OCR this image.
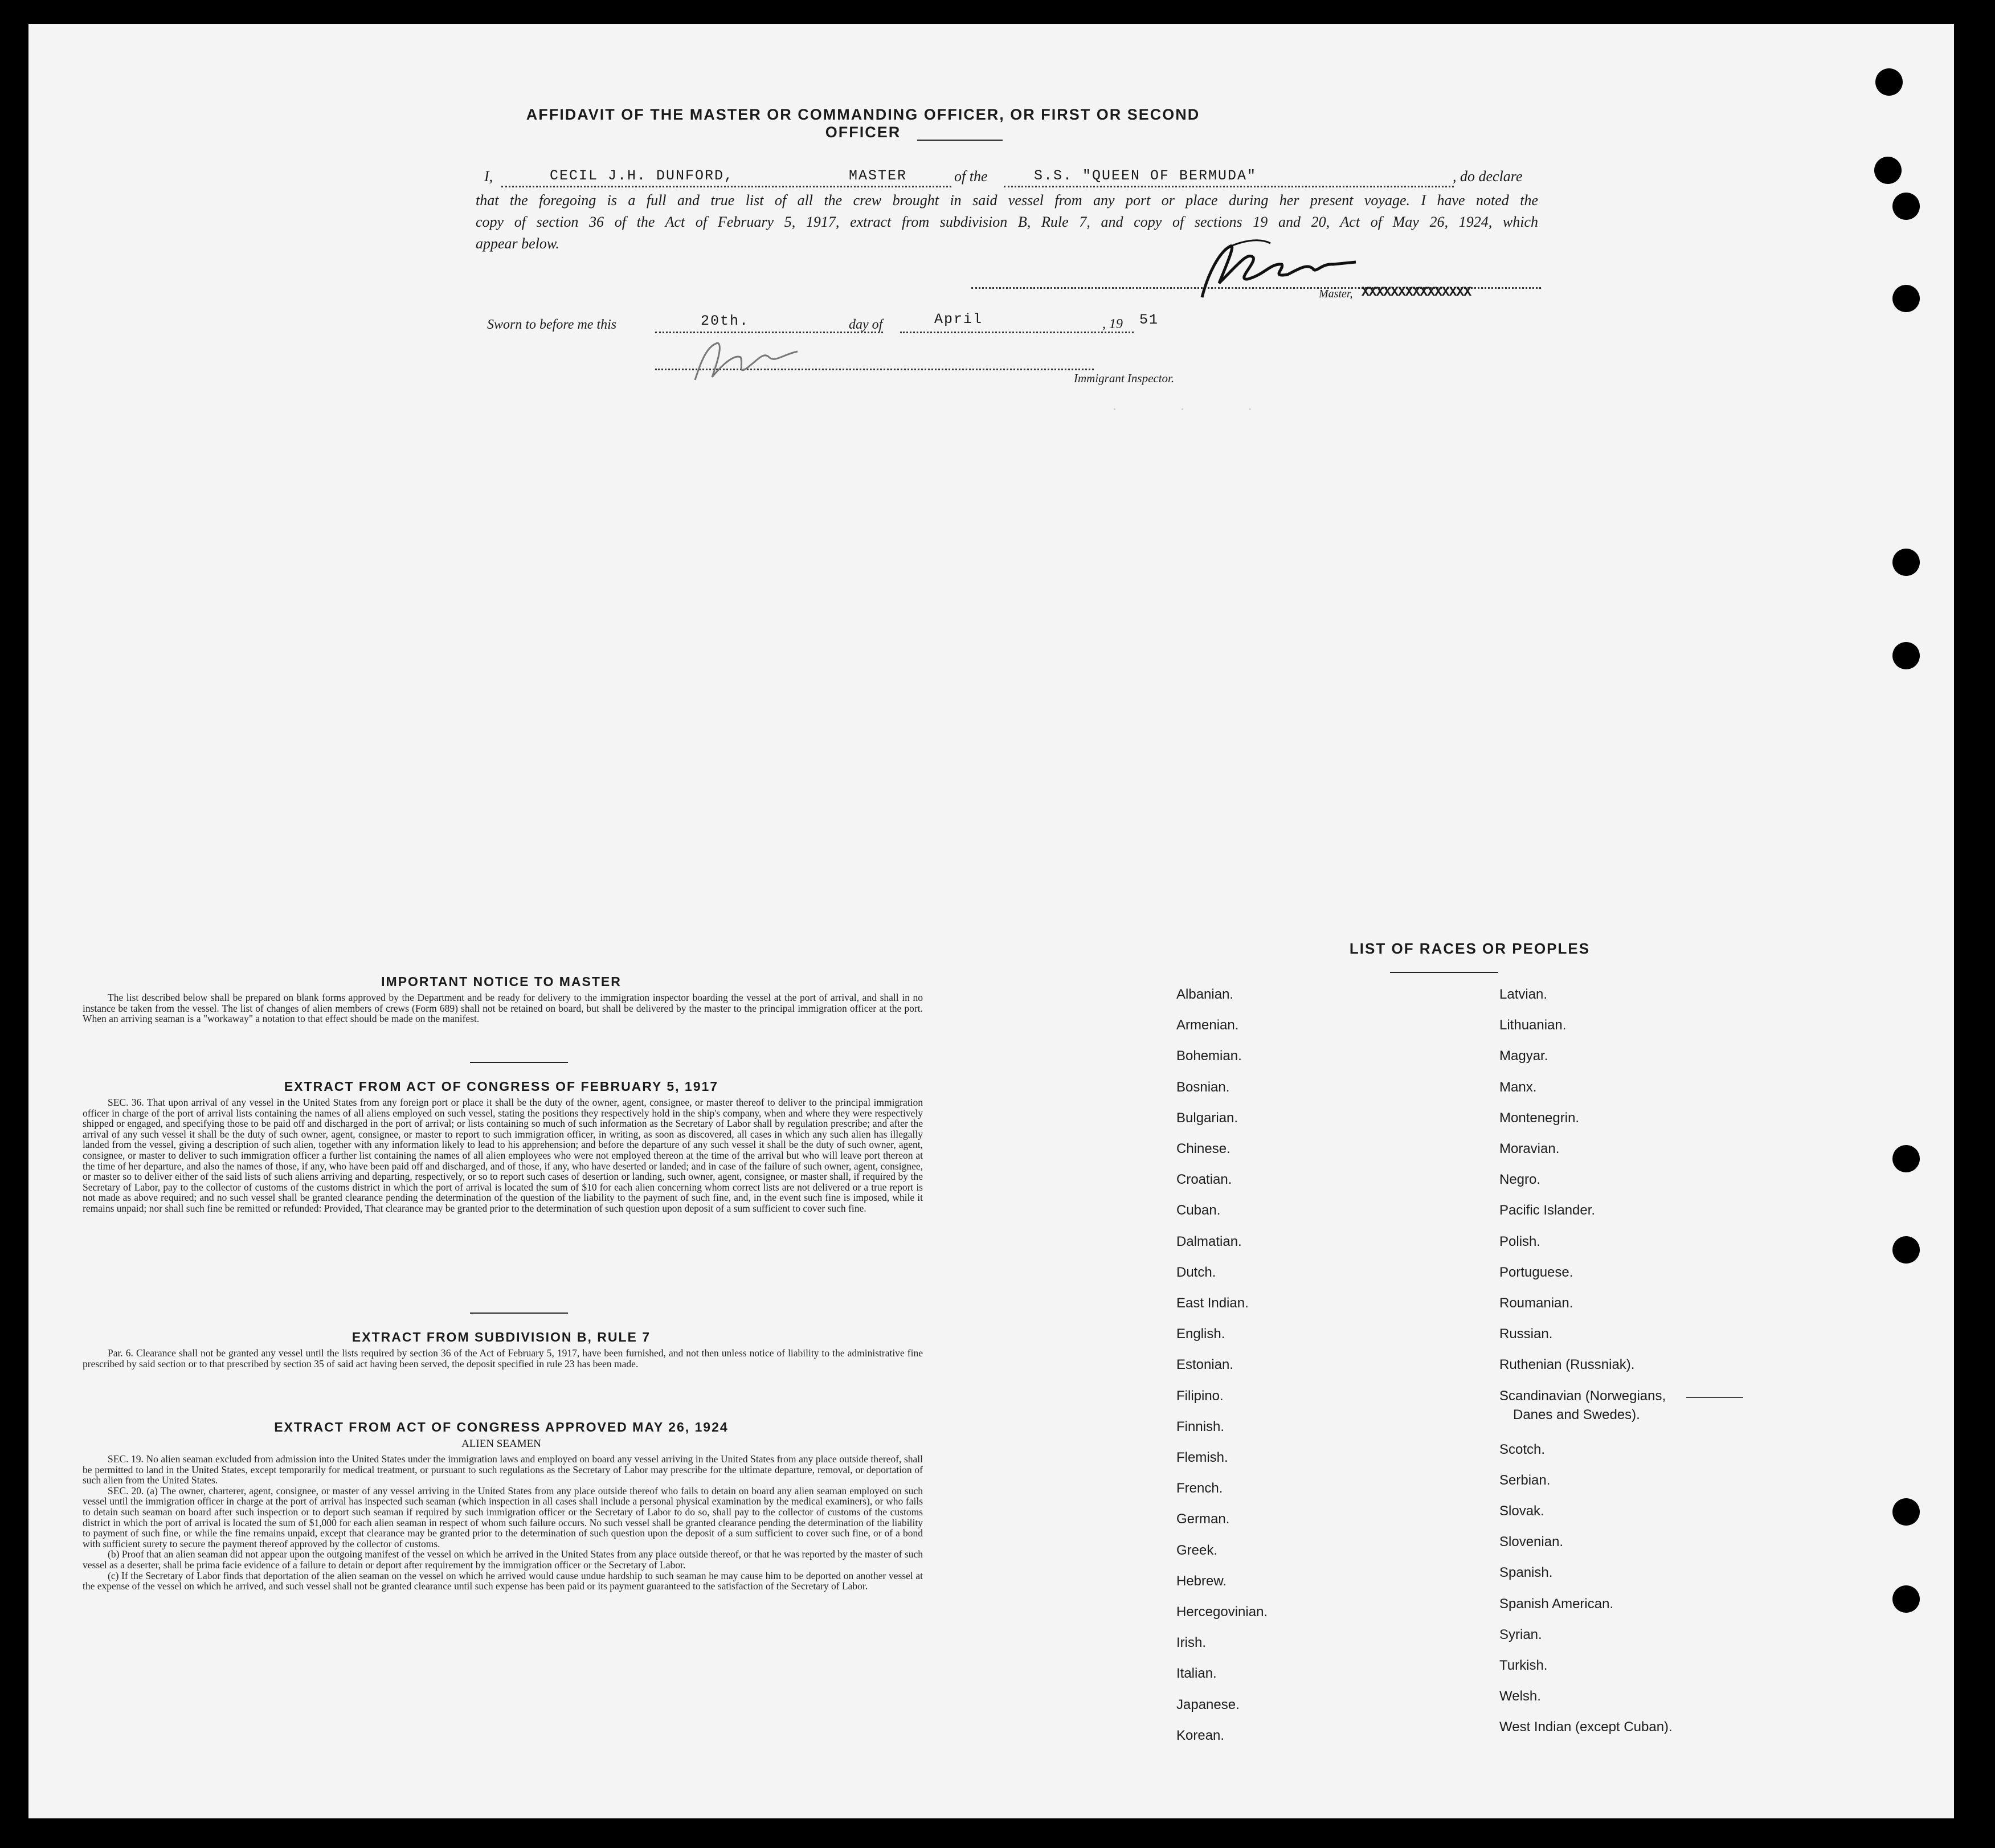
AFFIDAVIT OF THE MASTER OR COMMANDING OFFICER, OR FIRST OR SECOND OFFICER
I,	CECIL J.H. DUNFORD,	MASTER	of the	S.S. "QUEEN OF BERMUDA"	, do declare
that the foregoing is a full and true list of all the crew brought in said vessel from any port or place during her present voyage. I have noted the
copy of section 36 of the Act of February 5, 1917, extract from subdivision B, Rule 7, and copy of sections 19 and 20, Act of May 26, 1924, which
appear below.
Master, XXXXXXXXXXXXXXX
Sworn to before me this	20th.	day of	April	, 19 51
Immigrant Inspector.
.        .        .
IMPORTANT NOTICE TO MASTER

The list described below shall be prepared on blank forms approved by the Department and be ready for delivery to the immigration inspector boarding the vessel at the port of arrival, and shall in no instance be taken from the vessel. The list of changes of alien members of crews (Form 689) shall not be retained on board, but shall be delivered by the master to the principal immigration officer at the port. When an arriving seaman is a "workaway" a notation to that effect should be made on the manifest.

EXTRACT FROM ACT OF CONGRESS OF FEBRUARY 5, 1917

SEC. 36. That upon arrival of any vessel in the United States from any foreign port or place it shall be the duty of the owner, agent, consignee, or master thereof to deliver to the principal immigration officer in charge of the port of arrival lists containing the names of all aliens employed on such vessel, stating the positions they respectively hold in the ship's company, when and where they were respectively shipped or engaged, and specifying those to be paid off and discharged in the port of arrival; or lists containing so much of such information as the Secretary of Labor shall by regulation prescribe; and after the arrival of any such vessel it shall be the duty of such owner, agent, consignee, or master to report to such immigration officer, in writing, as soon as discovered, all cases in which any such alien has illegally landed from the vessel, giving a description of such alien, together with any information likely to lead to his apprehension; and before the departure of any such vessel it shall be the duty of such owner, agent, consignee, or master to deliver to such immigration officer a further list containing the names of all alien employees who were not employed thereon at the time of the arrival but who will leave port thereon at the time of her departure, and also the names of those, if any, who have been paid off and discharged, and of those, if any, who have deserted or landed; and in case of the failure of such owner, agent, consignee, or master so to deliver either of the said lists of such aliens arriving and departing, respectively, or so to report such cases of desertion or landing, such owner, agent, consignee, or master shall, if required by the Secretary of Labor, pay to the collector of customs of the customs district in which the port of arrival is located the sum of $10 for each alien concerning whom correct lists are not delivered or a true report is not made as above required; and no such vessel shall be granted clearance pending the determination of the question of the liability to the payment of such fine, and, in the event such fine is imposed, while it remains unpaid; nor shall such fine be remitted or refunded: Provided, That clearance may be granted prior to the determination of such question upon deposit of a sum sufficient to cover such fine.

EXTRACT FROM SUBDIVISION B, RULE 7

Par. 6. Clearance shall not be granted any vessel until the lists required by section 36 of the Act of February 5, 1917, have been furnished, and not then unless notice of liability to the administrative fine prescribed by said section or to that prescribed by section 35 of said act having been served, the deposit specified in rule 23 has been made.

EXTRACT FROM ACT OF CONGRESS APPROVED MAY 26, 1924
ALIEN SEAMEN

SEC. 19. No alien seaman excluded from admission into the United States under the immigration laws and employed on board any vessel arriving in the United States from any place outside thereof, shall be permitted to land in the United States, except temporarily for medical treatment, or pursuant to such regulations as the Secretary of Labor may prescribe for the ultimate departure, removal, or deportation of such alien from the United States.

SEC. 20. (a) The owner, charterer, agent, consignee, or master of any vessel arriving in the United States from any place outside thereof who fails to detain on board any alien seaman employed on such vessel until the immigration officer in charge at the port of arrival has inspected such seaman (which inspection in all cases shall include a personal physical examination by the medical examiners), or who fails to detain such seaman on board after such inspection or to deport such seaman if required by such immigration officer or the Secretary of Labor to do so, shall pay to the collector of customs of the customs district in which the port of arrival is located the sum of $1,000 for each alien seaman in respect of whom such failure occurs. No such vessel shall be granted clearance pending the determination of the liability to payment of such fine, or while the fine remains unpaid, except that clearance may be granted prior to the determination of such question upon the deposit of a sum sufficient to cover such fine, or of a bond with sufficient surety to secure the payment thereof approved by the collector of customs.

(b) Proof that an alien seaman did not appear upon the outgoing manifest of the vessel on which he arrived in the United States from any place outside thereof, or that he was reported by the master of such vessel as a deserter, shall be prima facie evidence of a failure to detain or deport after requirement by the immigration officer or the Secretary of Labor.

(c) If the Secretary of Labor finds that deportation of the alien seaman on the vessel on which he arrived would cause undue hardship to such seaman he may cause him to be deported on another vessel at the expense of the vessel on which he arrived, and such vessel shall not be granted clearance until such expense has been paid or its payment guaranteed to the satisfaction of the Secretary of Labor.

LIST OF RACES OR PEOPLES
Albanian.
Armenian.
Bohemian.
Bosnian.
Bulgarian.
Chinese.
Croatian.
Cuban.
Dalmatian.
Dutch.
East Indian.
English.
Estonian.
Filipino.
Finnish.
Flemish.
French.
German.
Greek.
Hebrew.
Hercegovinian.
Irish.
Italian.
Japanese.
Korean.
Latvian.
Lithuanian.
Magyar.
Manx.
Montenegrin.
Moravian.
Negro.
Pacific Islander.
Polish.
Portuguese.
Roumanian.
Russian.
Ruthenian (Russniak).
Scandinavian (Norwegians,
Scotch.
Serbian.
Slovak.
Slovenian.
Spanish.
Spanish American.
Syrian.
Turkish.
Welsh.
West Indian (except Cuban).
Danes and Swedes).
